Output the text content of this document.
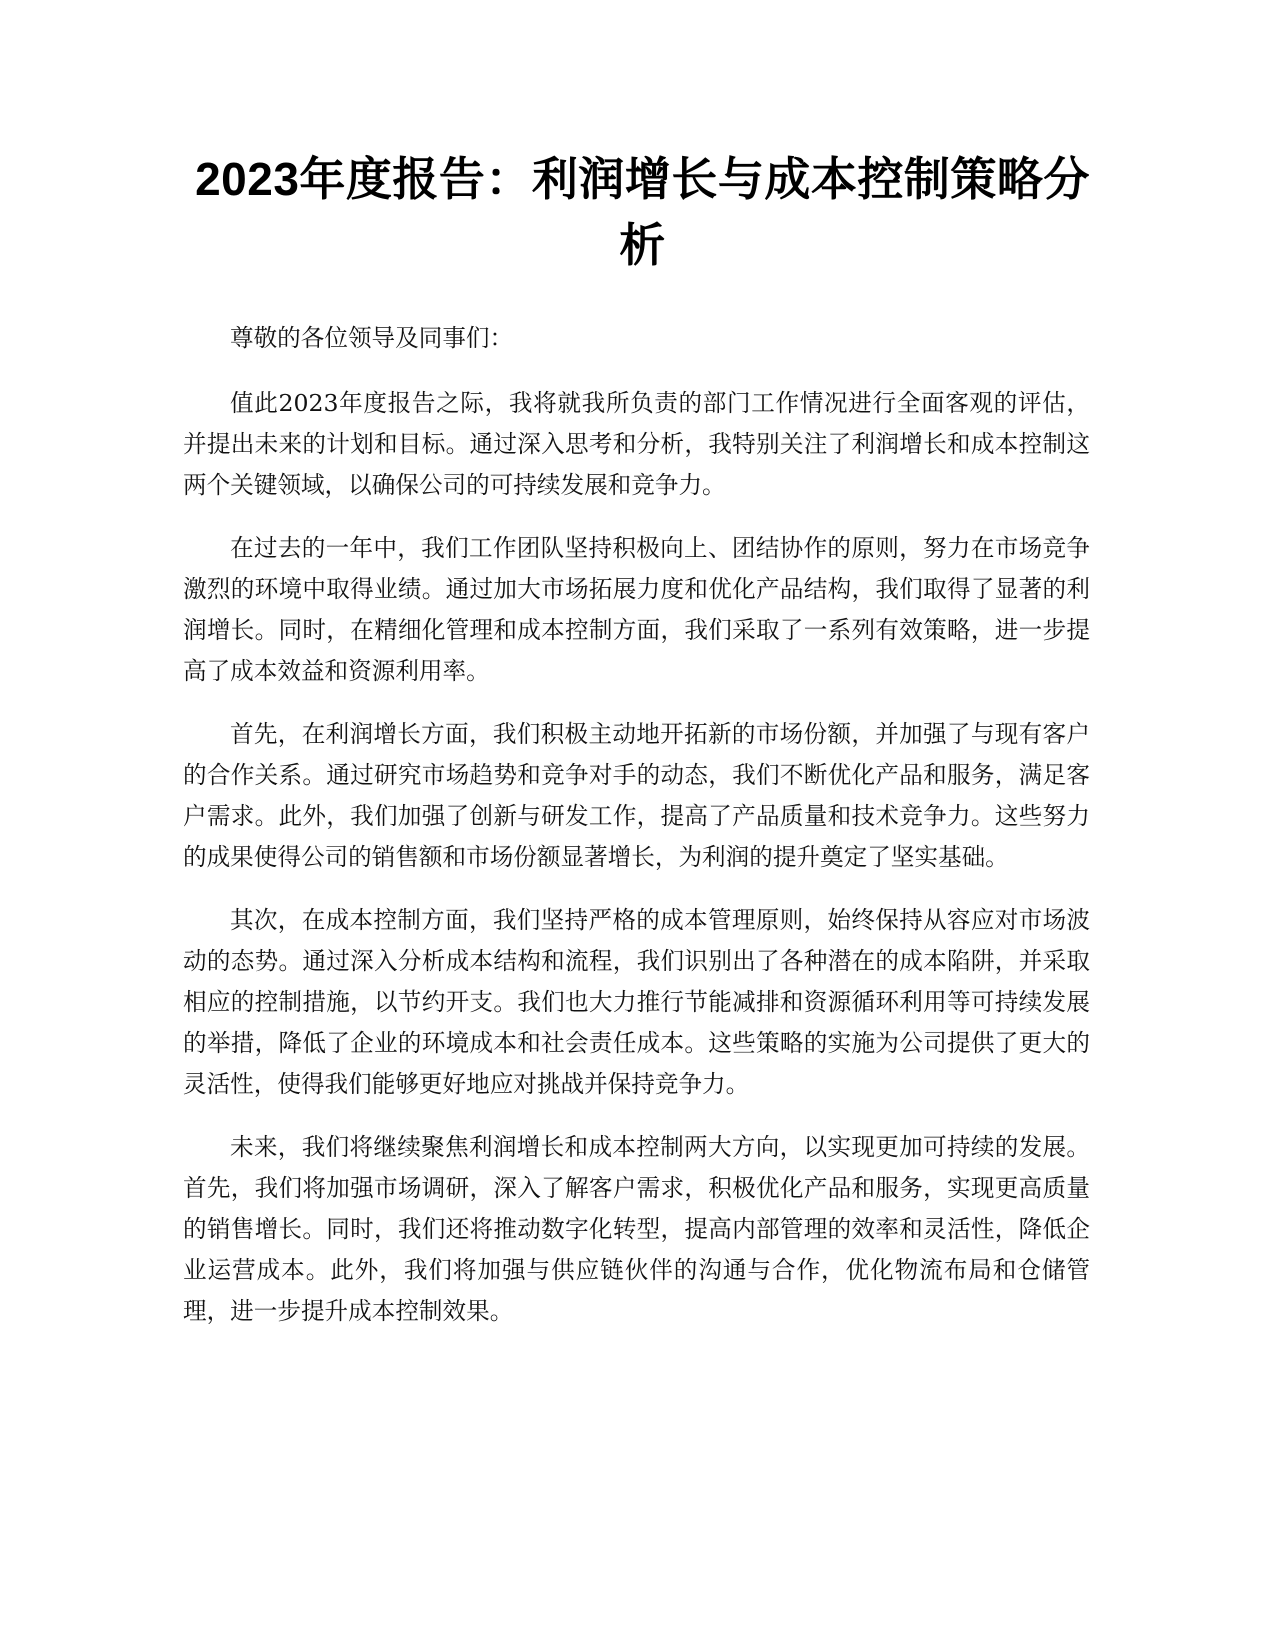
2023年度报告：利润增长与成本控制策略分析

尊敬的各位领导及同事们：

值此2023年度报告之际，我将就我所负责的部门工作情况进行全面客观的评估，并提出未来的计划和目标。通过深入思考和分析，我特别关注了利润增长和成本控制这两个关键领域，以确保公司的可持续发展和竞争力。

在过去的一年中，我们工作团队坚持积极向上、团结协作的原则，努力在市场竞争激烈的环境中取得业绩。通过加大市场拓展力度和优化产品结构，我们取得了显著的利润增长。同时，在精细化管理和成本控制方面，我们采取了一系列有效策略，进一步提高了成本效益和资源利用率。

首先，在利润增长方面，我们积极主动地开拓新的市场份额，并加强了与现有客户的合作关系。通过研究市场趋势和竞争对手的动态，我们不断优化产品和服务，满足客户需求。此外，我们加强了创新与研发工作，提高了产品质量和技术竞争力。这些努力的成果使得公司的销售额和市场份额显著增长，为利润的提升奠定了坚实基础。

其次，在成本控制方面，我们坚持严格的成本管理原则，始终保持从容应对市场波动的态势。通过深入分析成本结构和流程，我们识别出了各种潜在的成本陷阱，并采取相应的控制措施，以节约开支。我们也大力推行节能减排和资源循环利用等可持续发展的举措，降低了企业的环境成本和社会责任成本。这些策略的实施为公司提供了更大的灵活性，使得我们能够更好地应对挑战并保持竞争力。

未来，我们将继续聚焦利润增长和成本控制两大方向，以实现更加可持续的发展。首先，我们将加强市场调研，深入了解客户需求，积极优化产品和服务，实现更高质量的销售增长。同时，我们还将推动数字化转型，提高内部管理的效率和灵活性，降低企业运营成本。此外，我们将加强与供应链伙伴的沟通与合作，优化物流布局和仓储管理，进一步提升成本控制效果。
